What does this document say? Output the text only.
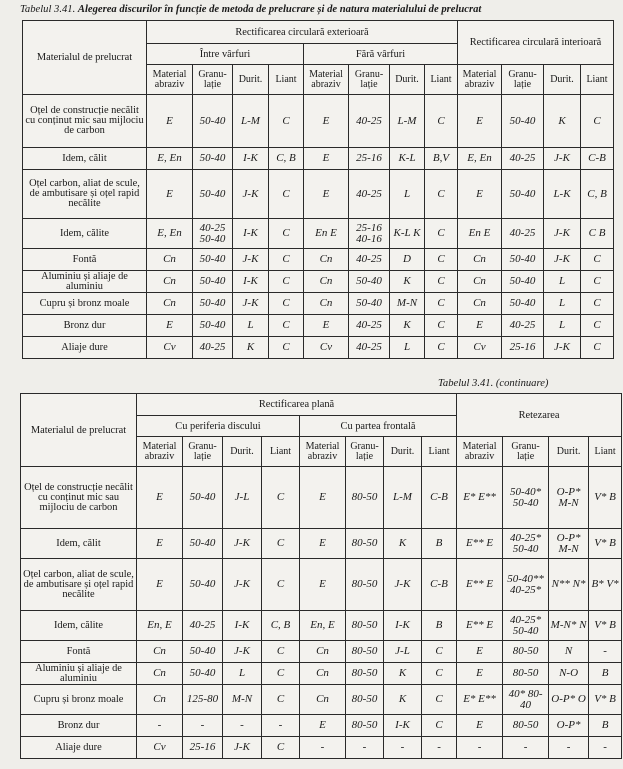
Tabelul 3.41. Alegerea discurilor în funcție de metoda de prelucrare și de natura materialului de prelucrat
Materialul de prelucrat	Rectificarea circulară exterioară								Rectificarea circulară interioară			
	Între vârfuri				Fără vârfuri							
	Material abraziv	Granu-lație	Durit.	Liant	Material abraziv	Granu-lație	Durit.	Liant	Material abraziv	Granu-lație	Durit.	Liant
Oțel de construcție necălit cu conținut mic sau mijlociu de carbon	E	50-40	L-M	C	E	40-25	L-M	C	E	50-40	K	C
Idem, călit	E, En	50-40	I-K	C, B	E	25-16	K-L	B,V	E, En	40-25	J-K	C-B
Oțel carbon, aliat de scule, de ambutisare și oțel rapid necălite	E	50-40	J-K	C	E	40-25	L	C	E	50-40	L-K	C, B
Idem, călite	E, En	40-25 50-40	I-K	C	En E	25-16 40-16	K-L K	C	En E	40-25	J-K	C B
Fontă	Cn	50-40	J-K	C	Cn	40-25	D	C	Cn	50-40	J-K	C
Aluminiu și aliaje de aluminiu	Cn	50-40	I-K	C	Cn	50-40	K	C	Cn	50-40	L	C
Cupru și bronz moale	Cn	50-40	J-K	C	Cn	50-40	M-N	C	Cn	50-40	L	C
Bronz dur	E	50-40	L	C	E	40-25	K	C	E	40-25	L	C
Aliaje dure	Cv	40-25	K	C	Cv	40-25	L	C	Cv	25-16	J-K	C
Tabelul 3.41. (continuare)
Materialul de prelucrat	Rectificarea plană								Retezarea			
	Cu periferia discului				Cu partea frontală							
	Material abraziv	Granu-lație	Durit.	Liant	Material abraziv	Granu-lație	Durit.	Liant	Material abraziv	Granu-lație	Durit.	Liant
Oțel de construcție necălit cu conținut mic sau mijlociu de carbon	E	50-40	J-L	C	E	80-50	L-M	C-B	E* E**	50-40* 50-40	O-P* M-N	V* B
Idem, călit	E	50-40	J-K	C	E	80-50	K	B	E** E	40-25* 50-40	O-P* M-N	V* B
Oțel carbon, aliat de scule, de ambutisare și oțel rapid necălite	E	50-40	J-K	C	E	80-50	J-K	C-B	E** E	50-40** 40-25*	N** N*	B* V*
Idem, călite	En, E	40-25	I-K	C, B	En, E	80-50	I-K	B	E** E	40-25* 50-40	M-N* N	V* B
Fontă	Cn	50-40	J-K	C	Cn	80-50	J-L	C	E	80-50	N	-
Aluminiu și aliaje de aluminiu	Cn	50-40	L	C	Cn	80-50	K	C	E	80-50	N-O	B
Cupru și bronz moale	Cn	125-80	M-N	C	Cn	80-50	K	C	E* E**	40* 80-40	O-P* O	V* B
Bronz dur	-	-	-	-	E	80-50	I-K	C	E	80-50	O-P*	B
Aliaje dure	Cv	25-16	J-K	C	-	-	-	-	-	-	-	-
